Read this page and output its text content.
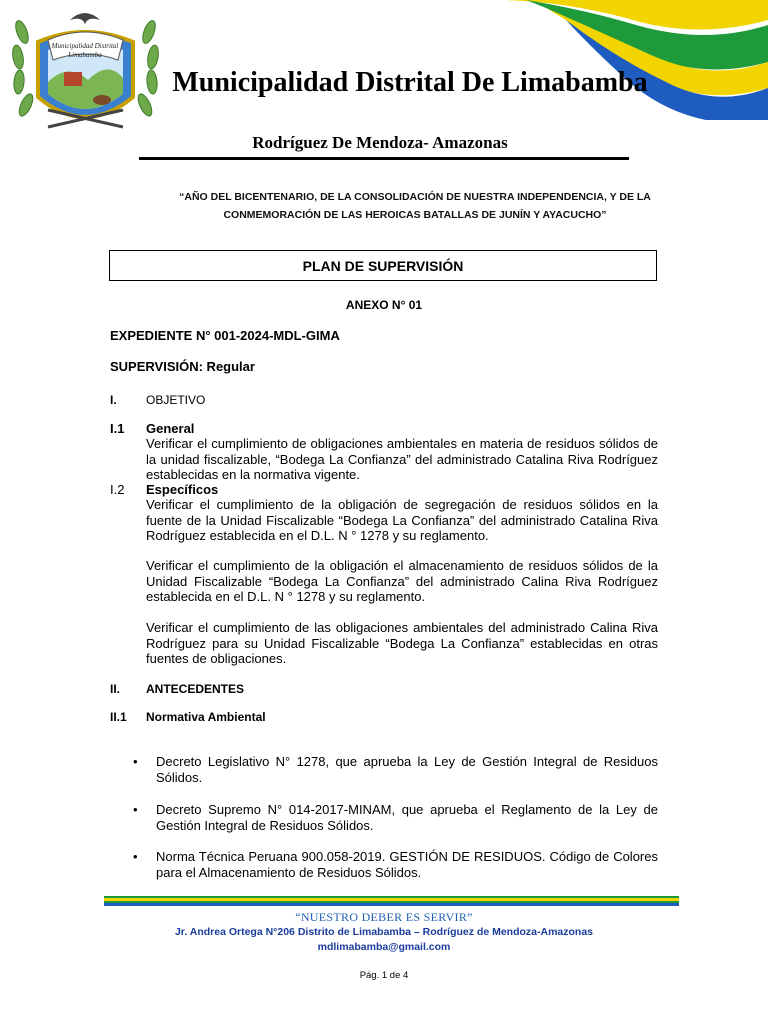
Municipalidad Distrital
Limabamba
Municipalidad Distrital De Limabamba
Rodríguez De Mendoza- Amazonas
“AÑO DEL BICENTENARIO, DE LA CONSOLIDACIÓN DE NUESTRA INDEPENDENCIA, Y DE LA CONMEMORACIÓN DE LAS HEROICAS BATALLAS DE JUNÍN Y AYACUCHO”
PLAN DE SUPERVISIÓN
ANEXO N° 01
EXPEDIENTE N° 001-2024-MDL-GIMA
SUPERVISIÓN: Regular
I. OBJETIVO
I.1 General
Verificar el cumplimiento de obligaciones ambientales en materia de residuos sólidos de la unidad fiscalizable, “Bodega La Confianza” del administrado Catalina Riva Rodríguez establecidas en la normativa vigente.
I.2 Específicos
Verificar el cumplimiento de la obligación de segregación de residuos sólidos en la fuente de la Unidad Fiscalizable “Bodega La Confianza” del administrado Catalina Riva Rodríguez establecida en el D.L. N ° 1278 y su reglamento.
Verificar el cumplimiento de la obligación el almacenamiento de residuos sólidos de la Unidad Fiscalizable “Bodega La Confianza” del administrado Calina Riva Rodríguez establecida en el D.L. N ° 1278 y su reglamento.
Verificar el cumplimiento de las obligaciones ambientales del administrado Calina Riva Rodríguez para su Unidad Fiscalizable “Bodega La Confianza” establecidas en otras fuentes de obligaciones.
II. ANTECEDENTES
II.1 Normativa Ambiental
• Decreto Legislativo N° 1278, que aprueba la Ley de Gestión Integral de Residuos Sólidos.
• Decreto Supremo N° 014-2017-MINAM, que aprueba el Reglamento de la Ley de Gestión Integral de Residuos Sólidos.
• Norma Técnica Peruana 900.058-2019. GESTIÓN DE RESIDUOS. Código de Colores para el Almacenamiento de Residuos Sólidos.
“NUESTRO DEBER ES SERVIR”
Jr. Andrea Ortega N°206 Distrito de Limabamba – Rodríguez de Mendoza-Amazonas
mdlimabamba@gmail.com
Pág. 1 de 4
